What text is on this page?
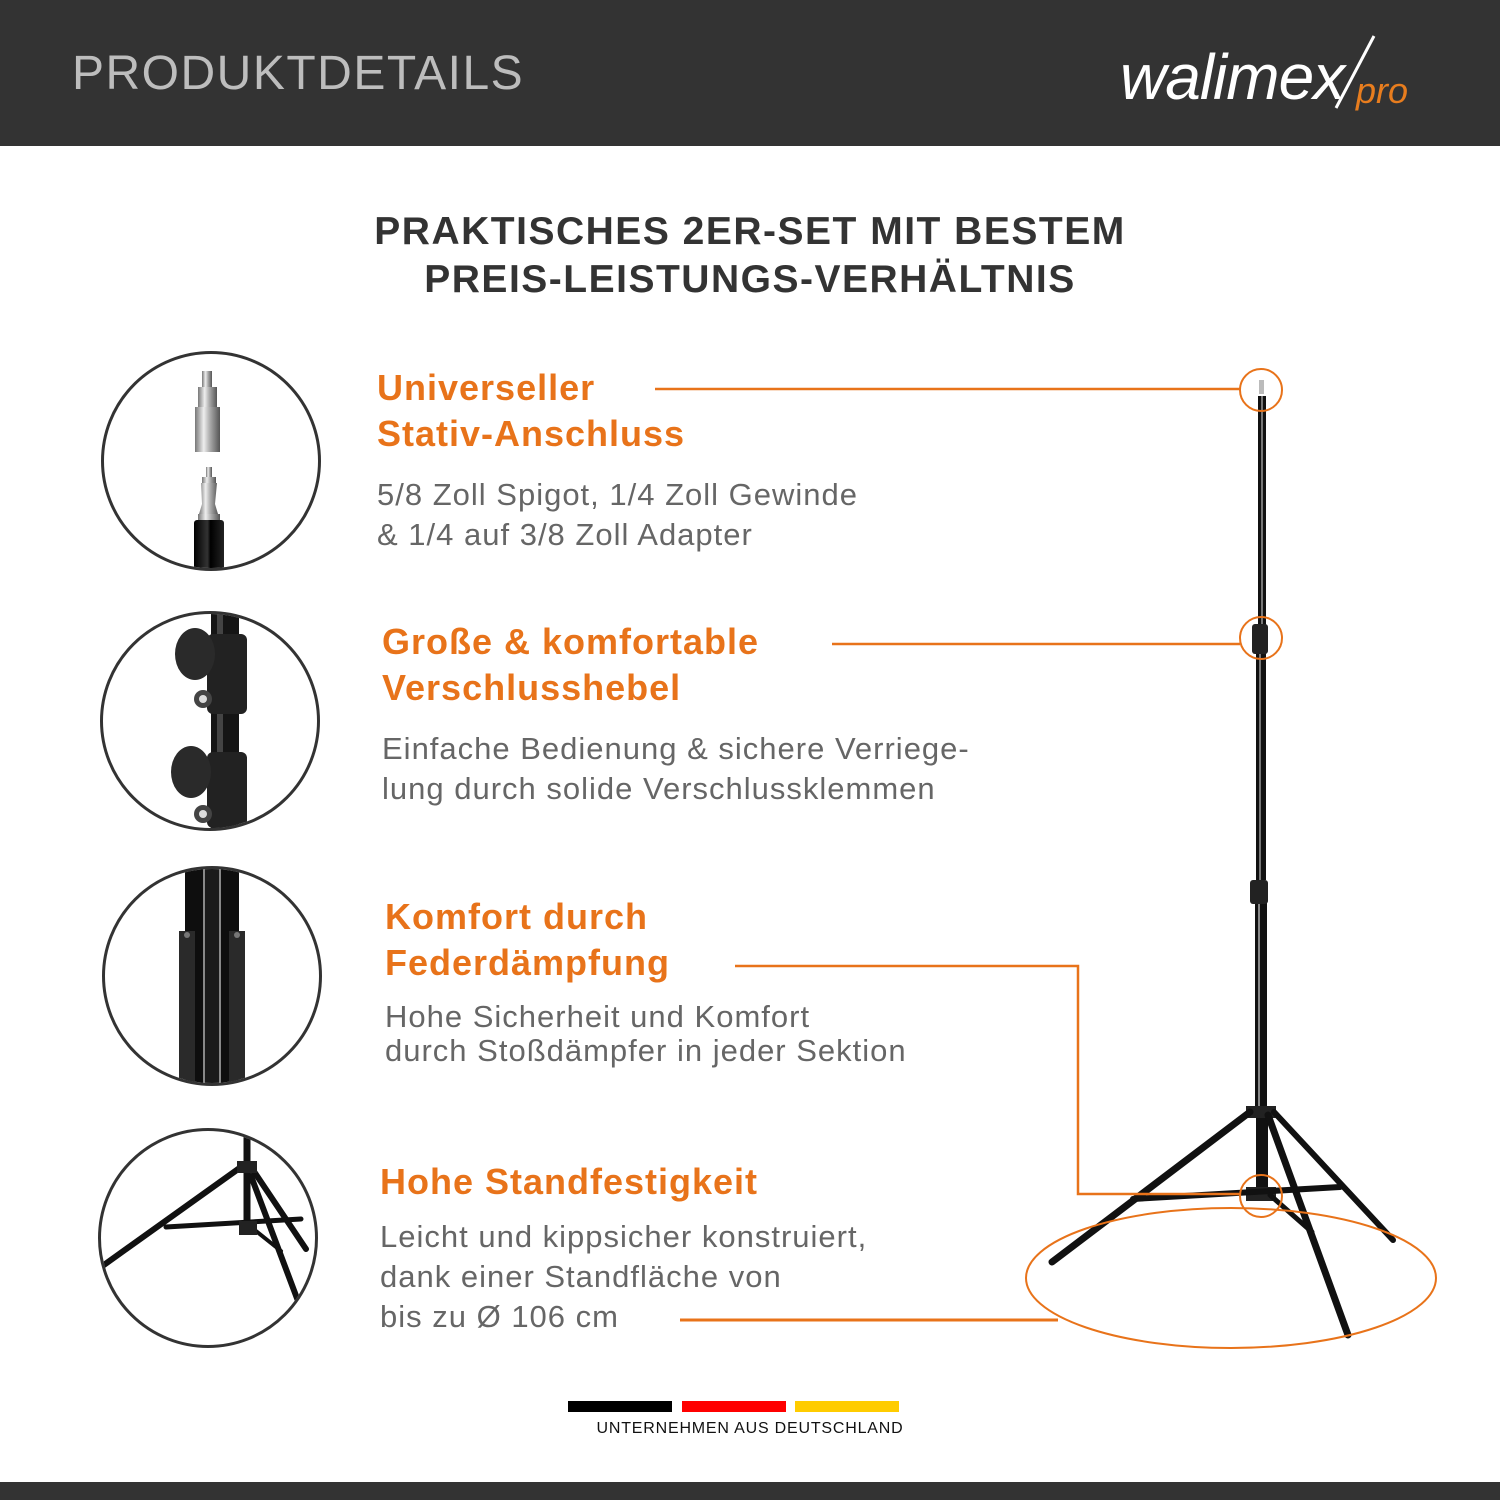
PRODUKTDETAILS	walimex pro
PRAKTISCHES 2ER-SET MIT BESTEM
PREIS-LEISTUNGS-VERHÄLTNIS
Universeller
Stativ-Anschluss
5/8 Zoll Spigot, 1/4 Zoll Gewinde
& 1/4 auf 3/8 Zoll Adapter
Große & komfortable
Verschlusshebel
Einfache Bedienung & sichere Verriege-
lung durch solide Verschlussklemmen
Komfort durch
Federdämpfung
Hohe Sicherheit und Komfort
durch Stoßdämpfer in jeder Sektion
Hohe Standfestigkeit
Leicht und kippsicher konstruiert,
dank einer Standfläche von
bis zu Ø 106 cm
UNTERNEHMEN AUS DEUTSCHLAND
